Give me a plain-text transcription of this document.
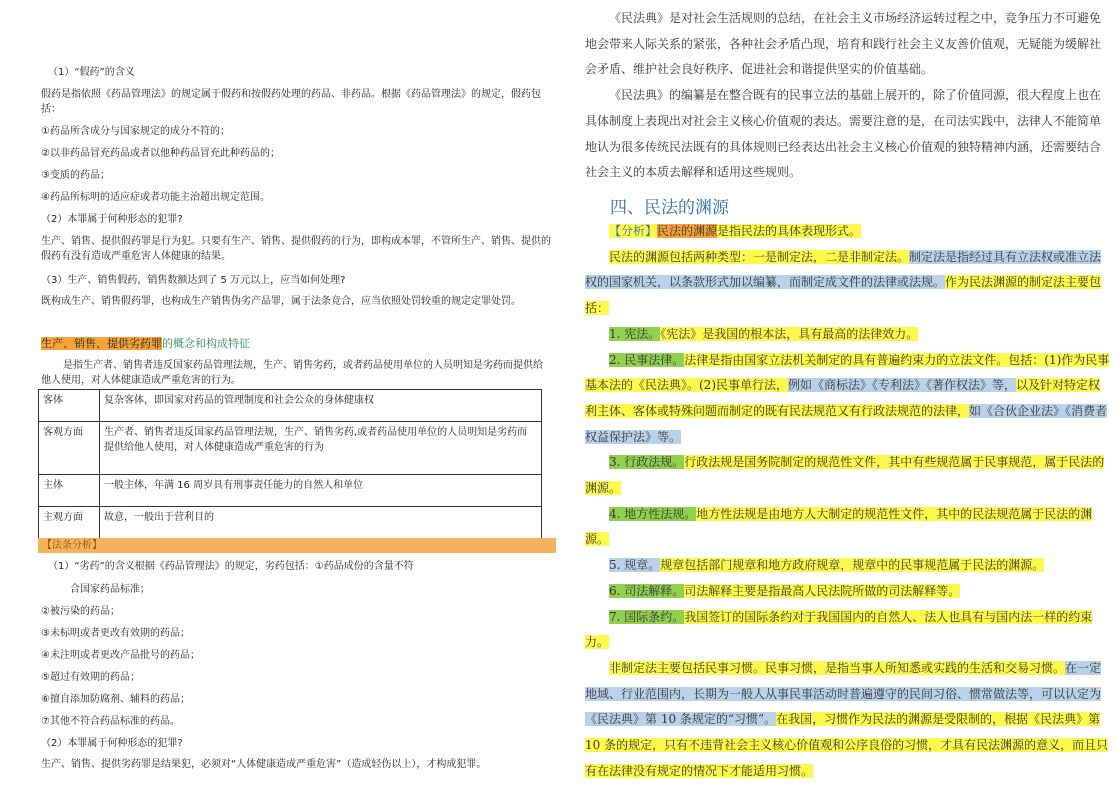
（1）“假药”的含义
假药是指依照《药品管理法》的规定属于假药和按假药处理的药品、非药品。根据《药品管理法》的规定，假药包括：
①药品所含成分与国家规定的成分不符的；
②以非药品冒充药品或者以他种药品冒充此种药品的；
③变质的药品；
④药品所标明的适应症或者功能主治超出规定范围。
（2）本罪属于何种形态的犯罪?
生产、销售、提供假药罪是行为犯。只要有生产、销售、提供假药的行为，即构成本罪，不管所生产、销售、提供的假药有没有造成严重危害人体健康的结果。
（3）生产、销售假药，销售数额达到了 5 万元以上，应当如何处理?
既构成生产、销售假药罪，也构成生产销售伪劣产品罪，属于法条竞合，应当依照处罚较重的规定定罪处罚。
生产、销售、提供劣药罪的概念和构成特征
是指生产者、销售者违反国家药品管理法规，生产、销售劣药，或者药品使用单位的人员明知是劣药而提供给他人使用，对人体健康造成严重危害的行为。
客体	复杂客体，即国家对药品的管理制度和社会公众的身体健康权
客观方面	生产者、销售者违反国家药品管理法规，生产、销售劣药,或者药品使用单位的人员明知是劣药而提供给他人使用，对人体健康造成严重危害的行为
主体	一般主体，年满 16 周岁具有刑事责任能力的自然人和单位
主观方面	故意，一般出于营利目的
【法条分析】
（1）“劣药”的含义根据《药品管理法》的规定，劣药包括：①药品成份的含量不符
合国家药品标准；
②被污染的药品；
③未标明或者更改有效期的药品；
④未注明或者更改产品批号的药品；
⑤超过有效期的药品；
⑥擅自添加防腐剂、辅料的药品；
⑦其他不符合药品标准的药品。
（2）本罪属于何种形态的犯罪?
生产、销售、提供劣药罪是结果犯，必须对“人体健康造成严重危害”（造成轻伤以上），才构成犯罪。

《民法典》是对社会生活规则的总结，在社会主义市场经济运转过程之中，竞争压力不可避免地会带来人际关系的紧张，各种社会矛盾凸现，培育和践行社会主义友善价值观，无疑能为缓解社会矛盾、维护社会良好秩序、促进社会和谐提供坚实的价值基础。

《民法典》的编纂是在整合既有的民事立法的基础上展开的，除了价值同源，很大程度上也在具体制度上表现出对社会主义核心价值观的表达。需要注意的是，在司法实践中，法律人不能简单地认为很多传统民法既有的具体规则已经表达出社会主义核心价值观的独特精神内涵，还需要结合社会主义的本质去解释和适用这些规则。

四、民法的渊源

【分析】民法的渊源是指民法的具体表现形式。

民法的渊源包括两种类型：一是制定法，二是非制定法。制定法是指经过具有立法权或准立法权的国家机关，以条款形式加以编纂，而制定成文件的法律或法规。作为民法渊源的制定法主要包括：

1. 宪法。《宪法》是我国的根本法，具有最高的法律效力。

2. 民事法律。法律是指由国家立法机关制定的具有普遍约束力的立法文件。包括：(1)作为民事基本法的《民法典》。(2)民事单行法，例如《商标法》《专利法》《著作权法》等，以及针对特定权利主体、客体或特殊问题而制定的既有民法规范又有行政法规范的法律，如《合伙企业法》《消费者权益保护法》等。

3. 行政法规。行政法规是国务院制定的规范性文件，其中有些规范属于民事规范，属于民法的渊源。

4. 地方性法规。地方性法规是由地方人大制定的规范性文件，其中的民法规范属于民法的渊源。

5. 规章。规章包括部门规章和地方政府规章，规章中的民事规范属于民法的渊源。

6. 司法解释。司法解释主要是指最高人民法院所做的司法解释等。

7. 国际条约。我国签订的国际条约对于我国国内的自然人、法人也具有与国内法一样的约束力。

非制定法主要包括民事习惯。民事习惯，是指当事人所知悉或实践的生活和交易习惯。在一定地域、行业范围内，长期为一般人从事民事活动时普遍遵守的民间习俗、惯常做法等，可以认定为《民法典》第 10 条规定的“习惯”。在我国，习惯作为民法的渊源是受限制的，根据《民法典》第 10 条的规定，只有不违背社会主义核心价值观和公序良俗的习惯，才具有民法渊源的意义，而且只有在法律没有规定的情况下才能适用习惯。
